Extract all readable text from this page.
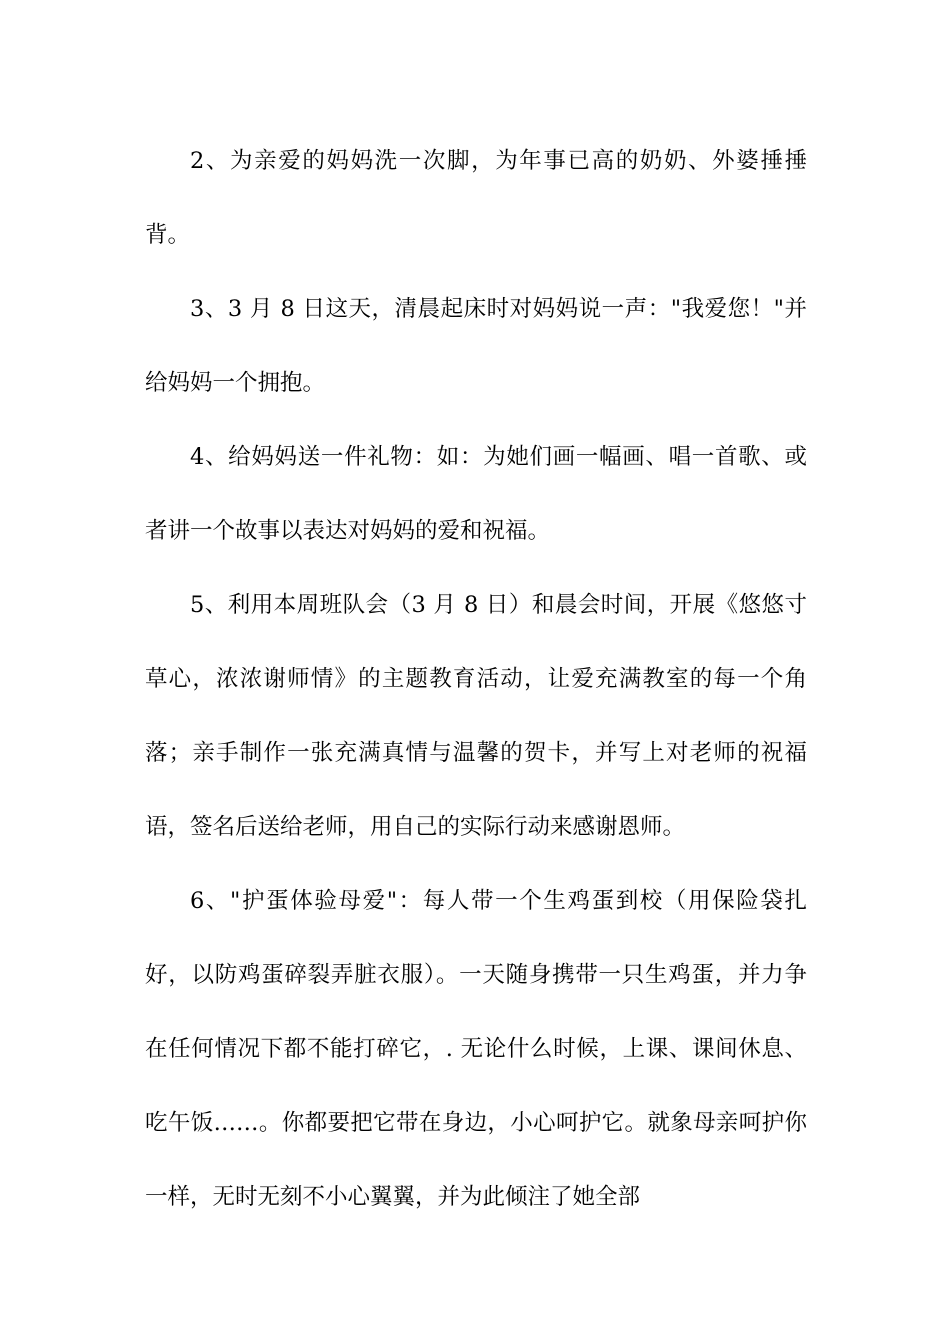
2、为亲爱的妈妈洗一次脚，为年事已高的奶奶、外婆捶捶背。

3、3 月 8 日这天，清晨起床时对妈妈说一声："我爱您！"并给妈妈一个拥抱。

4、给妈妈送一件礼物：如：为她们画一幅画、唱一首歌、或者讲一个故事以表达对妈妈的爱和祝福。

5、利用本周班队会（3 月 8 日）和晨会时间，开展《悠悠寸草心，浓浓谢师情》的主题教育活动，让爱充满教室的每一个角落；亲手制作一张充满真情与温馨的贺卡，并写上对老师的祝福语，签名后送给老师，用自己的实际行动来感谢恩师。

6、"护蛋体验母爱"：每人带一个生鸡蛋到校（用保险袋扎好，以防鸡蛋碎裂弄脏衣服）。一天随身携带一只生鸡蛋，并力争在任何情况下都不能打碎它，. 无论什么时候，上课、课间休息、吃午饭……。你都要把它带在身边，小心呵护它。就象母亲呵护你一样，无时无刻不小心翼翼，并为此倾注了她全部
